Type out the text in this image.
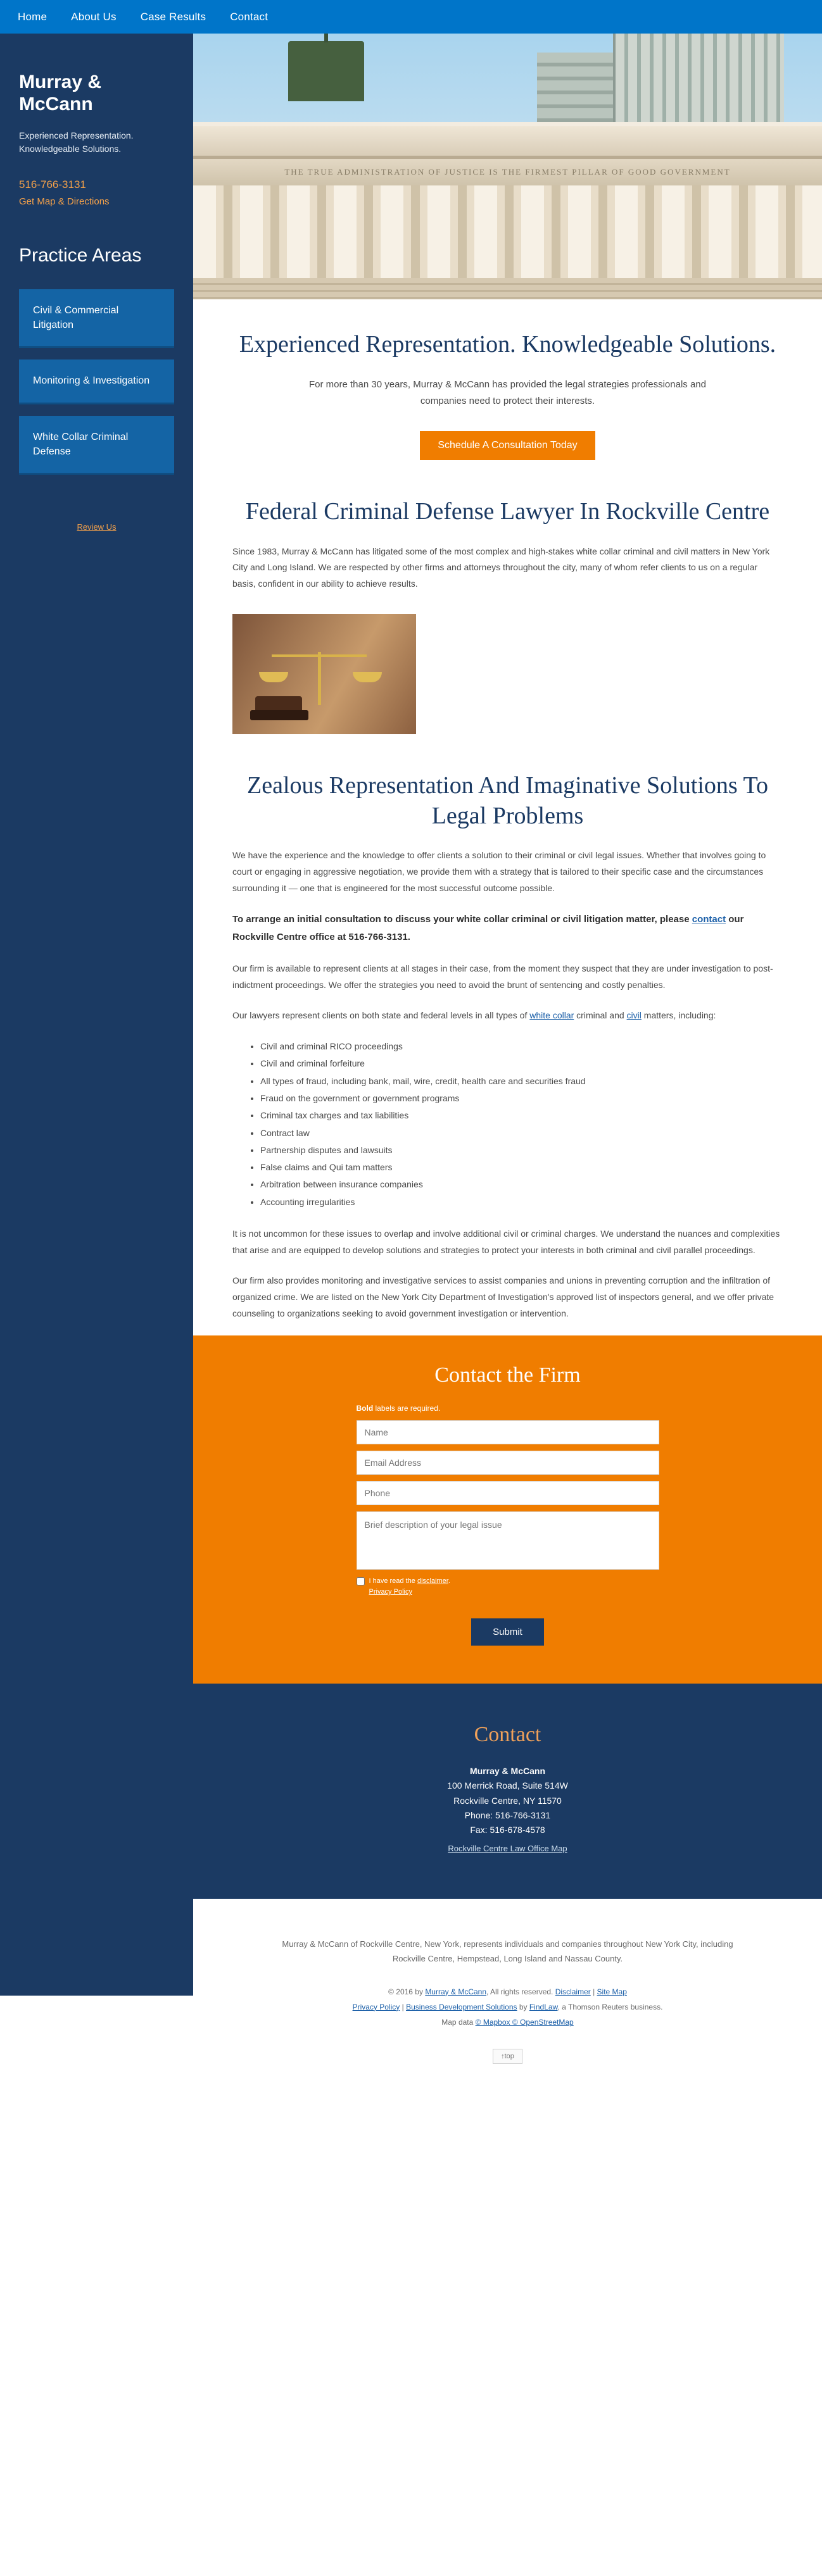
Home About Us Case Results Contact
Murray & McCann
Experienced Representation. Knowledgeable Solutions.
516-766-3131
Get Map & Directions
Practice Areas
Civil & Commercial Litigation
Monitoring & Investigation
White Collar Criminal Defense
Review Us
THE TRUE ADMINISTRATION OF JUSTICE IS THE FIRMEST PILLAR OF GOOD GOVERNMENT
Experienced Representation. Knowledgeable Solutions.

For more than 30 years, Murray & McCann has provided the legal strategies professionals and companies need to protect their interests.

Schedule A Consultation Today
Federal Criminal Defense Lawyer In Rockville Centre

Since 1983, Murray & McCann has litigated some of the most complex and high-stakes white collar criminal and civil matters in New York City and Long Island. We are respected by other firms and attorneys throughout the city, many of whom refer clients to us on a regular basis, confident in our ability to achieve results.

Zealous Representation And Imaginative Solutions To Legal Problems

We have the experience and the knowledge to offer clients a solution to their criminal or civil legal issues. Whether that involves going to court or engaging in aggressive negotiation, we provide them with a strategy that is tailored to their specific case and the circumstances surrounding it — one that is engineered for the most successful outcome possible.

To arrange an initial consultation to discuss your white collar criminal or civil litigation matter, please contact our Rockville Centre office at 516-766-3131.

Our firm is available to represent clients at all stages in their case, from the moment they suspect that they are under investigation to post-indictment proceedings. We offer the strategies you need to avoid the brunt of sentencing and costly penalties.

Our lawyers represent clients on both state and federal levels in all types of white collar criminal and civil matters, including:

• Civil and criminal RICO proceedings
• Civil and criminal forfeiture
• All types of fraud, including bank, mail, wire, credit, health care and securities fraud
• Fraud on the government or government programs
• Criminal tax charges and tax liabilities
• Contract law
• Partnership disputes and lawsuits
• False claims and Qui tam matters
• Arbitration between insurance companies
• Accounting irregularities

It is not uncommon for these issues to overlap and involve additional civil or criminal charges. We understand the nuances and complexities that arise and are equipped to develop solutions and strategies to protect your interests in both criminal and civil parallel proceedings.

Our firm also provides monitoring and investigative services to assist companies and unions in preventing corruption and the infiltration of organized crime. We are listed on the New York City Department of Investigation's approved list of inspectors general, and we offer private counseling to organizations seeking to avoid government investigation or intervention.

Contact the Firm
Bold labels are required.
Name
Email Address
Phone
Brief description of your legal issue
I have read the disclaimer.
Privacy Policy
Submit
Contact
Murray & McCann
100 Merrick Road, Suite 514W
Rockville Centre, NY 11570
Phone: 516-766-3131
Fax: 516-678-4578
Rockville Centre Law Office Map
Murray & McCann of Rockville Centre, New York, represents individuals and companies throughout New York City, including Rockville Centre, Hempstead, Long Island and Nassau County.
© 2016 by Murray & McCann, All rights reserved. Disclaimer | Site Map
Privacy Policy | Business Development Solutions by FindLaw, a Thomson Reuters business.
Map data © Mapbox © OpenStreetMap
↑top
